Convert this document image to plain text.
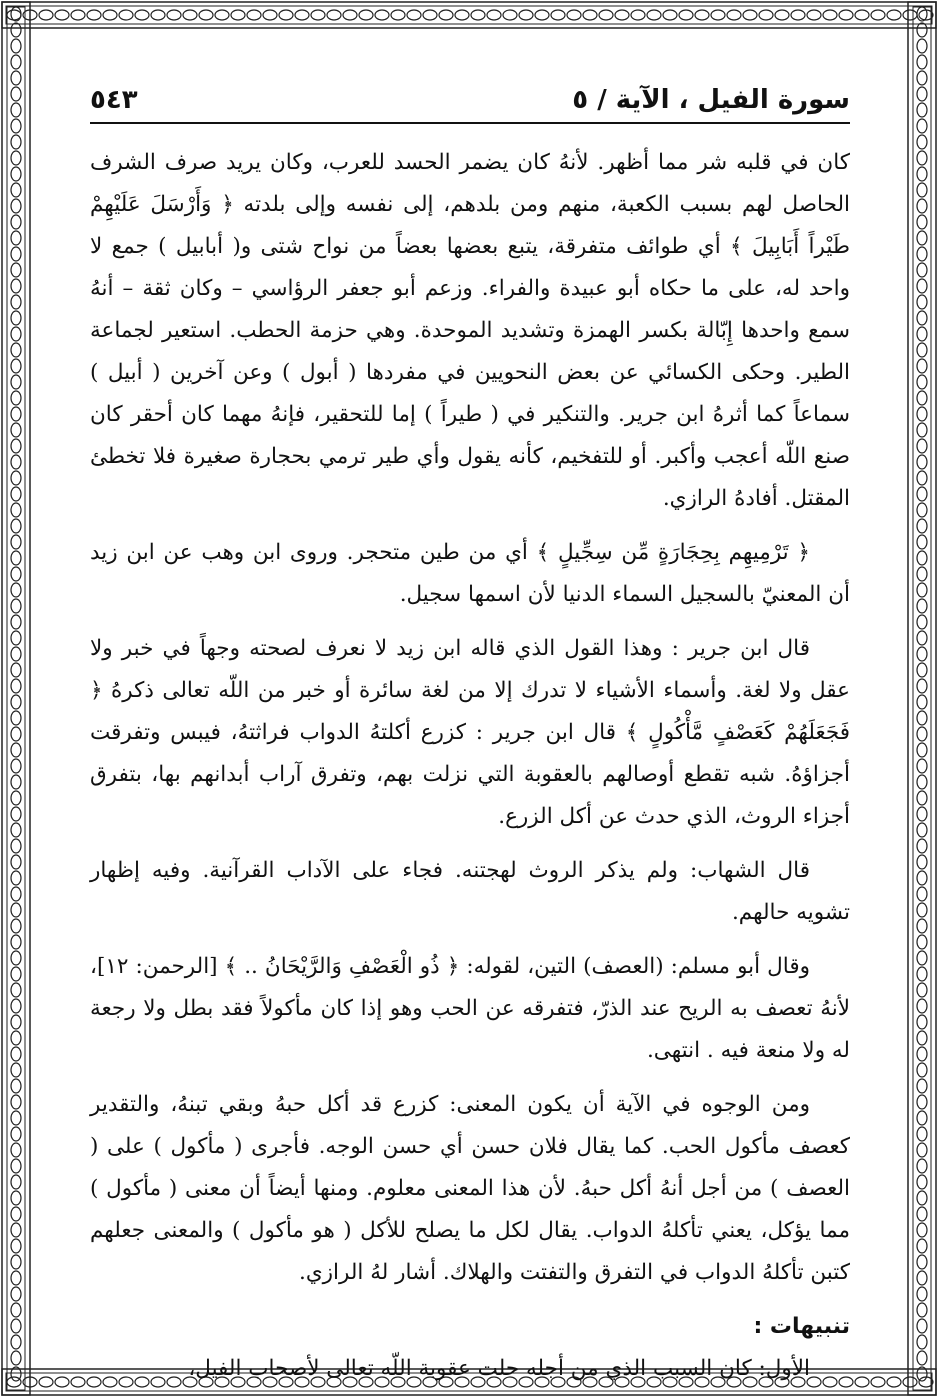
سورة الفيل ، الآية / ٥
٥٤٣

كان في قلبه شر مما أظهر. لأنهُ كان يضمر الحسد للعرب، وكان يريد صرف الشرف الحاصل لهم بسبب الكعبة، منهم ومن بلدهم، إلى نفسه وإلى بلدته ﴿ وَأَرْسَلَ عَلَيْهِمْ طَيْراً أَبَابِيلَ ﴾ أي طوائف متفرقة، يتبع بعضها بعضاً من نواح شتى و( أبابيل ) جمع لا واحد له، على ما حكاه أبو عبيدة والفراء. وزعم أبو جعفر الرؤاسي – وكان ثقة – أنهُ سمع واحدها إِبّالة بكسر الهمزة وتشديد الموحدة. وهي حزمة الحطب. استعير لجماعة الطير. وحكى الكسائي عن بعض النحويين في مفردها ( أبول ) وعن آخرين ( أبيل ) سماعاً كما أثرهُ ابن جرير. والتنكير في ( طيراً ) إما للتحقير، فإنهُ مهما كان أحقر كان صنع اللّه أعجب وأكبر. أو للتفخيم، كأنه يقول وأي طير ترمي بحجارة صغيرة فلا تخطئ المقتل. أفادهُ الرازي.

﴿ تَرْمِيهِم بِحِجَارَةٍ مِّن سِجِّيلٍ ﴾ أي من طين متحجر. وروى ابن وهب عن ابن زيد أن المعنيّ بالسجيل السماء الدنيا لأن اسمها سجيل.

قال ابن جرير : وهذا القول الذي قاله ابن زيد لا نعرف لصحته وجهاً في خبر ولا عقل ولا لغة. وأسماء الأشياء لا تدرك إلا من لغة سائرة أو خبر من اللّه تعالى ذكرهُ ﴿ فَجَعَلَهُمْ كَعَصْفٍ مَّأْكُولٍ ﴾ قال ابن جرير : كزرع أكلتهُ الدواب فراثتهُ، فيبس وتفرقت أجزاؤهُ. شبه تقطع أوصالهم بالعقوبة التي نزلت بهم، وتفرق آراب أبدانهم بها، بتفرق أجزاء الروث، الذي حدث عن أكل الزرع.

قال الشهاب: ولم يذكر الروث لهجتنه. فجاء على الآداب القرآنية. وفيه إظهار تشويه حالهم.

وقال أبو مسلم: (العصف) التين، لقوله: ﴿ ذُو الْعَصْفِ وَالرَّيْحَانُ .. ﴾ [الرحمن: ١٢]، لأنهُ تعصف به الريح عند الذرّ، فتفرقه عن الحب وهو إذا كان مأكولاً فقد بطل ولا رجعة له ولا منعة فيه . انتهى.

ومن الوجوه في الآية أن يكون المعنى: كزرع قد أكل حبهُ وبقي تبنهُ، والتقدير كعصف مأكول الحب. كما يقال فلان حسن أي حسن الوجه. فأجرى ( مأكول ) على ( العصف ) من أجل أنهُ أكل حبهُ. لأن هذا المعنى معلوم. ومنها أيضاً أن معنى ( مأكول ) مما يؤكل، يعني تأكلهُ الدواب. يقال لكل ما يصلح للأكل ( هو مأكول ) والمعنى جعلهم كتبن تأكلهُ الدواب في التفرق والتفتت والهلاك. أشار لهُ الرازي.

تنبيهات :

الأول: كان السبب الذي من أجله حلت عقوبة اللّه تعالى لأصحاب الفيل،
